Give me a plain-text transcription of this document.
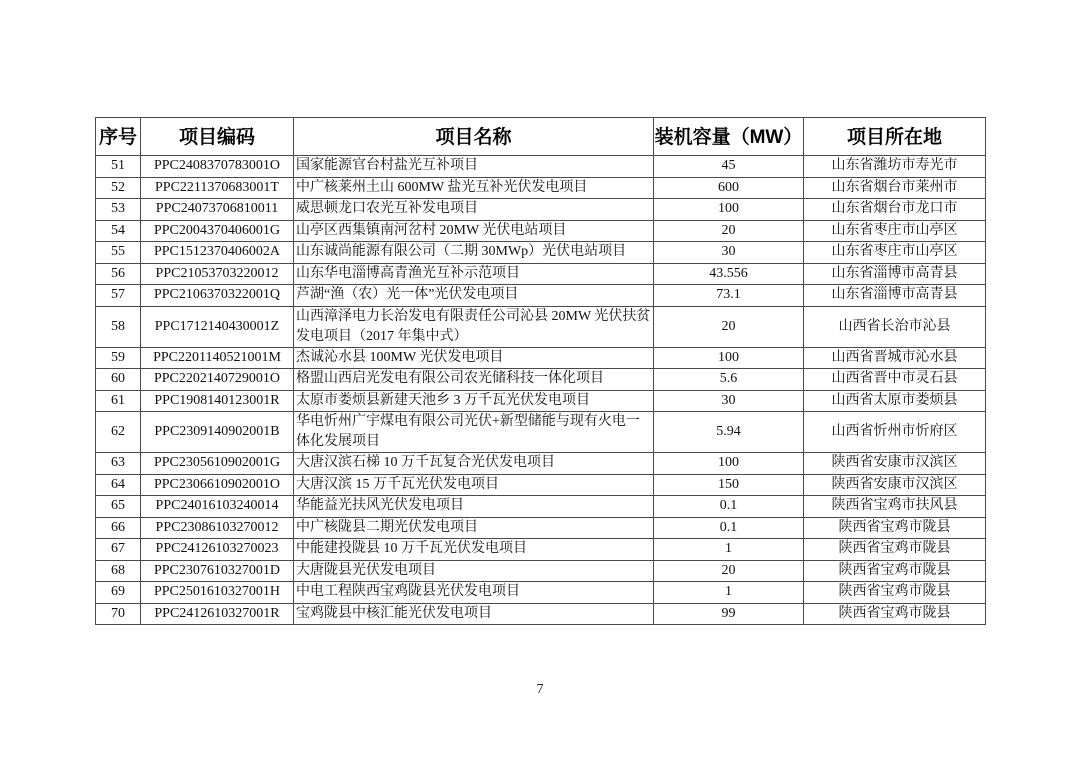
序号	项目编码	项目名称	装机容量（MW）	项目所在地
51	PPC2408370783001O	国家能源官台村盐光互补项目	45	山东省潍坊市寿光市
52	PPC2211370683001T	中广核莱州土山 600MW 盐光互补光伏发电项目	600	山东省烟台市莱州市
53	PPC24073706810011	威思顿龙口农光互补发电项目	100	山东省烟台市龙口市
54	PPC2004370406001G	山亭区西集镇南河岔村 20MW 光伏电站项目	20	山东省枣庄市山亭区
55	PPC1512370406002A	山东诚尚能源有限公司（二期 30MWp）光伏电站项目	30	山东省枣庄市山亭区
56	PPC21053703220012	山东华电淄博高青渔光互补示范项目	43.556	山东省淄博市高青县
57	PPC2106370322001Q	芦湖“渔（农）光一体”光伏发电项目	73.1	山东省淄博市高青县
58	PPC1712140430001Z	山西漳泽电力长治发电有限责任公司沁县 20MW 光伏扶贫发电项目（2017 年集中式）	20	山西省长治市沁县
59	PPC2201140521001M	杰诚沁水县 100MW 光伏发电项目	100	山西省晋城市沁水县
60	PPC2202140729001O	格盟山西启光发电有限公司农光储科技一体化项目	5.6	山西省晋中市灵石县
61	PPC1908140123001R	太原市娄烦县新建天池乡 3 万千瓦光伏发电项目	30	山西省太原市娄烦县
62	PPC2309140902001B	华电忻州广宇煤电有限公司光伏+新型储能与现有火电一体化发展项目	5.94	山西省忻州市忻府区
63	PPC2305610902001G	大唐汉滨石梯 10 万千瓦复合光伏发电项目	100	陕西省安康市汉滨区
64	PPC2306610902001O	大唐汉滨 15 万千瓦光伏发电项目	150	陕西省安康市汉滨区
65	PPC24016103240014	华能益光扶风光伏发电项目	0.1	陕西省宝鸡市扶风县
66	PPC23086103270012	中广核陇县二期光伏发电项目	0.1	陕西省宝鸡市陇县
67	PPC24126103270023	中能建投陇县 10 万千瓦光伏发电项目	1	陕西省宝鸡市陇县
68	PPC2307610327001D	大唐陇县光伏发电项目	20	陕西省宝鸡市陇县
69	PPC2501610327001H	中电工程陕西宝鸡陇县光伏发电项目	1	陕西省宝鸡市陇县
70	PPC2412610327001R	宝鸡陇县中核汇能光伏发电项目	99	陕西省宝鸡市陇县
7
